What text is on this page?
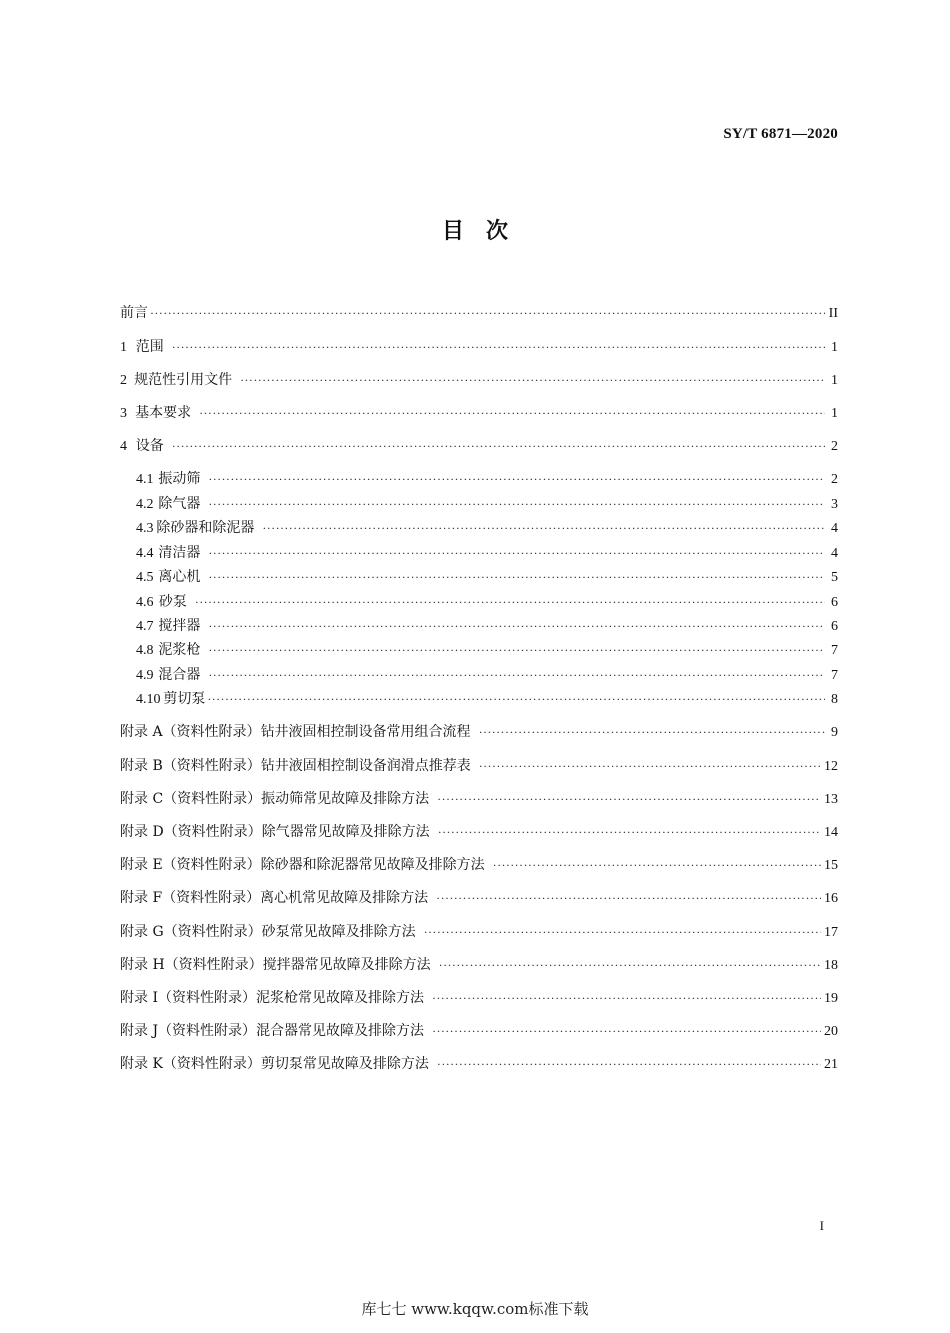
SY/T 6871—2020
目　次
前言 ·····	II
1 范围 ·····	1
2 规范性引用文件 ·····	1
3 基本要求 ·····	1
4 设备 ·····	2
4.1 振动筛 ·····	2
4.2 除气器 ·····	3
4.3 除砂器和除泥器 ·····	4
4.4 清洁器 ·····	4
4.5 离心机 ·····	5
4.6 砂泵 ·····	6
4.7 搅拌器 ·····	6
4.8 泥浆枪 ·····	7
4.9 混合器 ·····	7
4.10 剪切泵 ·····	8
附录 A（资料性附录） 钻井液固相控制设备常用组合流程 ·····	9
附录 B（资料性附录） 钻井液固相控制设备润滑点推荐表 ·····	12
附录 C（资料性附录） 振动筛常见故障及排除方法 ·····	13
附录 D（资料性附录） 除气器常见故障及排除方法 ·····	14
附录 E（资料性附录） 除砂器和除泥器常见故障及排除方法 ·····	15
附录 F（资料性附录） 离心机常见故障及排除方法 ·····	16
附录 G（资料性附录） 砂泵常见故障及排除方法 ·····	17
附录 H（资料性附录） 搅拌器常见故障及排除方法 ·····	18
附录 I（资料性附录） 泥浆枪常见故障及排除方法 ·····	19
附录 J（资料性附录） 混合器常见故障及排除方法 ·····	20
附录 K（资料性附录） 剪切泵常见故障及排除方法 ·····	21
I
库七七 www.kqqw.com标准下载
